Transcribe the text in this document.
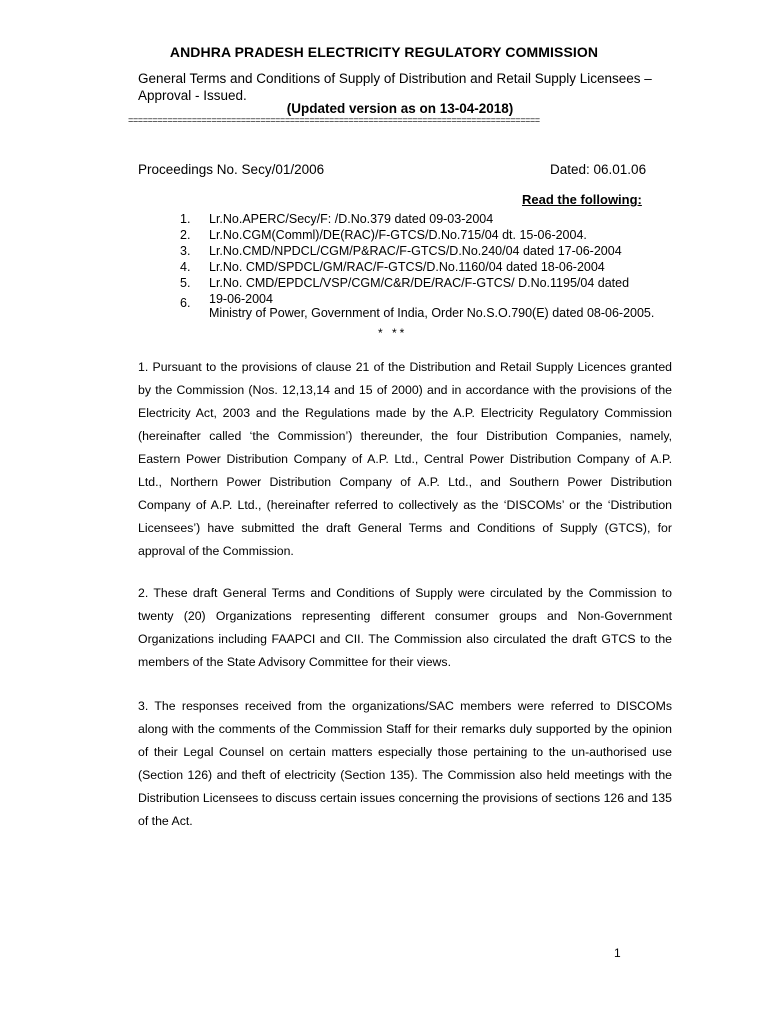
ANDHRA PRADESH ELECTRICITY REGULATORY COMMISSION
General Terms and Conditions of Supply of Distribution and Retail Supply Licensees – Approval - Issued.
(Updated version as on 13-04-2018)
====================================================================================
Proceedings No. Secy/01/2006	Dated: 06.01.06
Read the following:
1. Lr.No.APERC/Secy/F: /D.No.379 dated 09-03-2004
2. Lr.No.CGM(Comml)/DE(RAC)/F-GTCS/D.No.715/04 dt. 15-06-2004.
3. Lr.No.CMD/NPDCL/CGM/P&RAC/F-GTCS/D.No.240/04 dated 17-06-2004
4. Lr.No. CMD/SPDCL/GM/RAC/F-GTCS/D.No.1160/04 dated 18-06-2004
5. Lr.No. CMD/EPDCL/VSP/CGM/C&R/DE/RAC/F-GTCS/ D.No.1195/04 dated
19-06-2004
6.
Ministry of Power, Government of India, Order No.S.O.790(E) dated 08-06-2005.
* **
1. Pursuant to the provisions of clause 21 of the Distribution and Retail Supply Licences granted by the Commission (Nos. 12,13,14 and 15 of 2000) and in accordance with the provisions of the Electricity Act, 2003 and the Regulations made by the A.P. Electricity Regulatory Commission (hereinafter called ‘the Commission’) thereunder, the four Distribution Companies, namely, Eastern Power Distribution Company of A.P. Ltd., Central Power Distribution Company of A.P. Ltd., Northern Power Distribution Company of A.P. Ltd., and Southern Power Distribution Company of A.P. Ltd., (hereinafter referred to collectively as the ‘DISCOMs’ or the ‘Distribution Licensees’) have submitted the draft General Terms and Conditions of Supply (GTCS), for approval of the Commission.
2. These draft General Terms and Conditions of Supply were circulated by the Commission to twenty (20) Organizations representing different consumer groups and Non-Government Organizations including FAAPCI and CII. The Commission also circulated the draft GTCS to the members of the State Advisory Committee for their views.
3. The responses received from the organizations/SAC members were referred to DISCOMs along with the comments of the Commission Staff for their remarks duly supported by the opinion of their Legal Counsel on certain matters especially those pertaining to the un-authorised use (Section 126) and theft of electricity (Section 135). The Commission also held meetings with the Distribution Licensees to discuss certain issues concerning the provisions of sections 126 and 135 of the Act.
1
